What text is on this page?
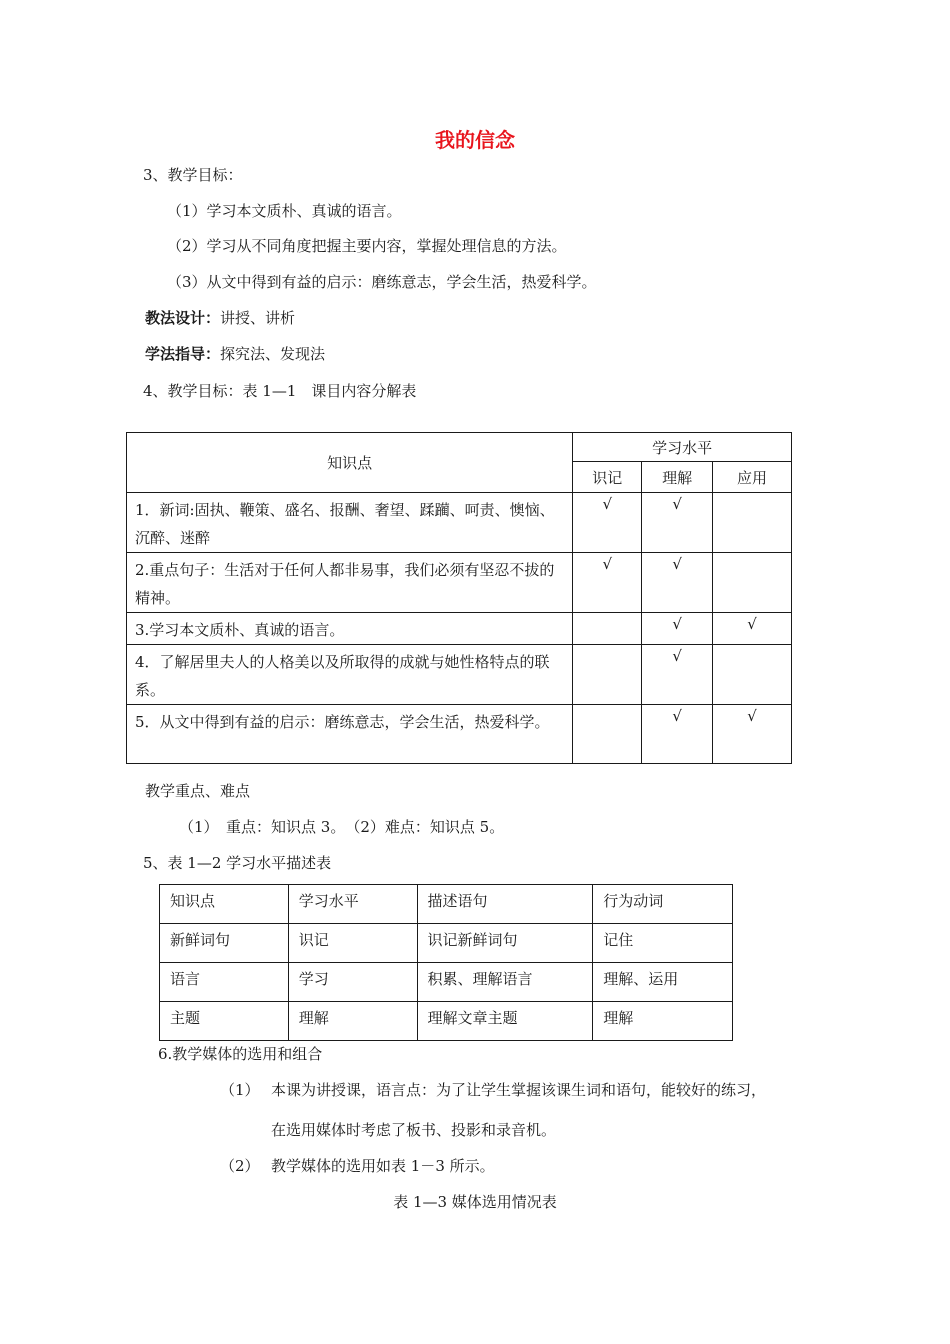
我的信念
3、教学目标：
（1）学习本文质朴、真诚的语言。
（2）学习从不同角度把握主要内容，掌握处理信息的方法。
（3）从文中得到有益的启示：磨练意志，学会生活，热爱科学。
教法设计：讲授、讲析
学法指导：探究法、发现法
4、教学目标：表 1—1　课目内容分解表
知识点	学习水平		
	识记	理解	应用
1．新词:固执、鞭策、盛名、报酬、奢望、蹂躏、呵责、懊恼、沉醉、迷醉	√	√	
2.重点句子：生活对于任何人都非易事，我们必须有坚忍不拔的精神。	√	√	
3.学习本文质朴、真诚的语言。		√	√
4．了解居里夫人的人格美以及所取得的成就与她性格特点的联系。		√	
5．从文中得到有益的启示：磨练意志，学会生活，热爱科学。		√	√
教学重点、难点
（1）　重点：知识点 3。　（2）难点：知识点 5。
5、表 1—2 学习水平描述表
知识点	学习水平	描述语句	行为动词
新鲜词句	识记	识记新鲜词句	记住
语言	学习	积累、理解语言	理解、运用
主题	理解	理解文章主题	理解
6.教学媒体的选用和组合
（1） 本课为讲授课，语言点：为了让学生掌握该课生词和语句，能较好的练习，
在选用媒体时考虑了板书、投影和录音机。
（2） 教学媒体的选用如表 1－3 所示。
表 1—3 媒体选用情况表
